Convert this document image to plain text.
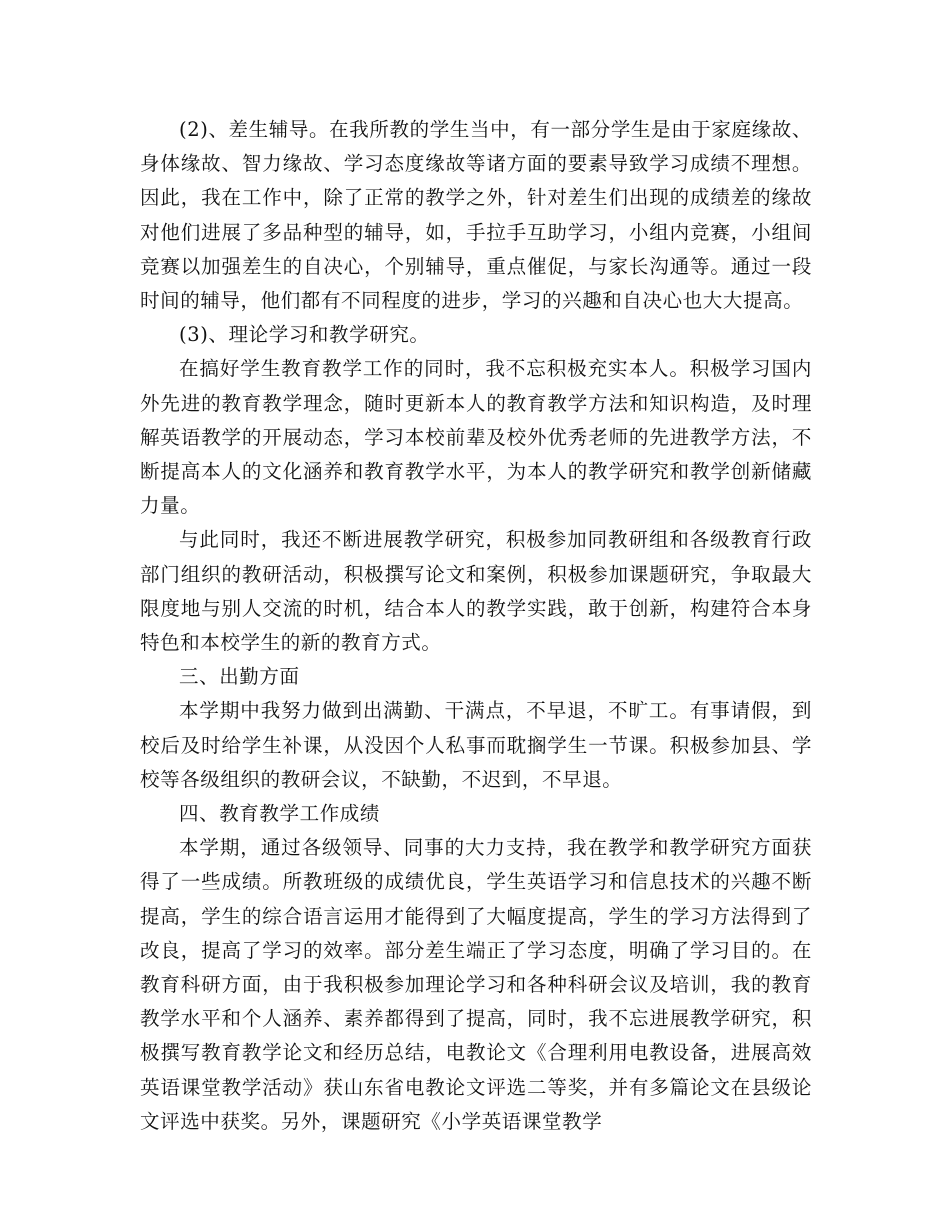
(2)、差生辅导。在我所教的学生当中，有一部分学生是由于家庭缘故、身体缘故、智力缘故、学习态度缘故等诸方面的要素导致学习成绩不理想。因此，我在工作中，除了正常的教学之外，针对差生们出现的成绩差的缘故对他们进展了多品种型的辅导，如，手拉手互助学习，小组内竞赛，小组间竞赛以加强差生的自决心，个别辅导，重点催促，与家长沟通等。通过一段时间的辅导，他们都有不同程度的进步，学习的兴趣和自决心也大大提高。

(3)、理论学习和教学研究。

在搞好学生教育教学工作的同时，我不忘积极充实本人。积极学习国内外先进的教育教学理念，随时更新本人的教育教学方法和知识构造，及时理解英语教学的开展动态，学习本校前辈及校外优秀老师的先进教学方法，不断提高本人的文化涵养和教育教学水平，为本人的教学研究和教学创新储藏力量。

与此同时，我还不断进展教学研究，积极参加同教研组和各级教育行政部门组织的教研活动，积极撰写论文和案例，积极参加课题研究，争取最大限度地与别人交流的时机，结合本人的教学实践，敢于创新，构建符合本身特色和本校学生的新的教育方式。

三、出勤方面

本学期中我努力做到出满勤、干满点，不早退，不旷工。有事请假，到校后及时给学生补课，从没因个人私事而耽搁学生一节课。积极参加县、学校等各级组织的教研会议，不缺勤，不迟到，不早退。

四、教育教学工作成绩

本学期，通过各级领导、同事的大力支持，我在教学和教学研究方面获得了一些成绩。所教班级的成绩优良，学生英语学习和信息技术的兴趣不断提高，学生的综合语言运用才能得到了大幅度提高，学生的学习方法得到了改良，提高了学习的效率。部分差生端正了学习态度，明确了学习目的。在教育科研方面，由于我积极参加理论学习和各种科研会议及培训，我的教育教学水平和个人涵养、素养都得到了提高，同时，我不忘进展教学研究，积极撰写教育教学论文和经历总结，电教论文《合理利用电教设备，进展高效英语课堂教学活动》获山东省电教论文评选二等奖，并有多篇论文在县级论文评选中获奖。另外，课题研究《小学英语课堂教学
